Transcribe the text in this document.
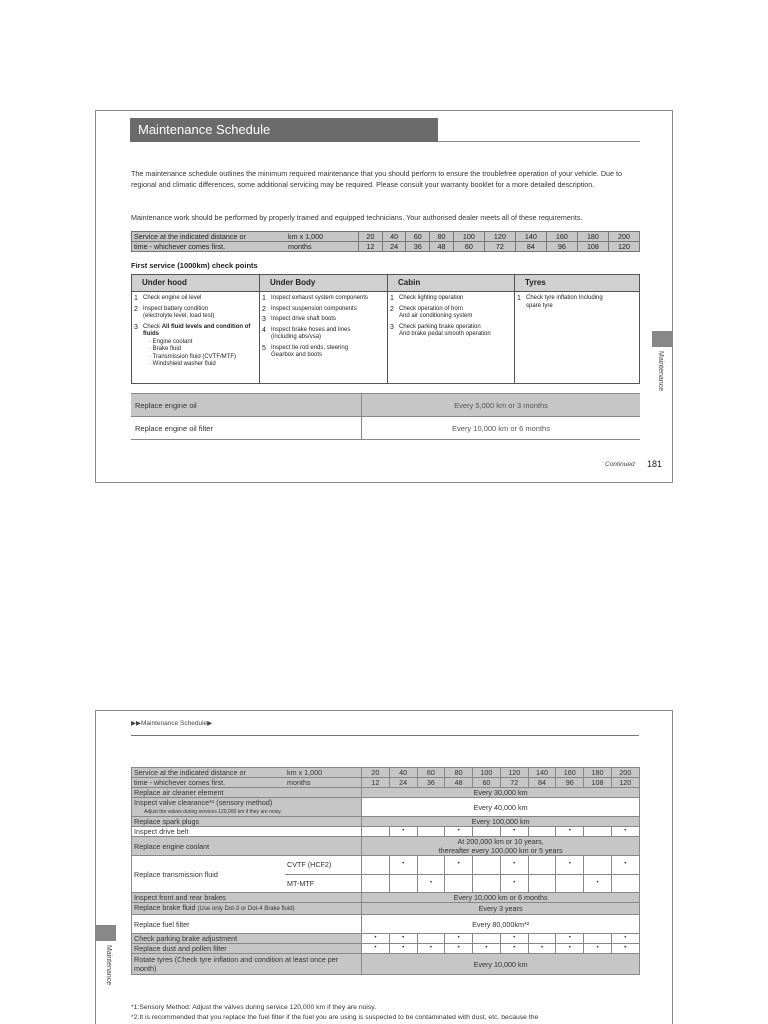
Maintenance Schedule
The maintenance schedule outlines the minimum required maintenance that you should perform to ensure the troublefree operation of your vehicle. Due to regional and climatic differences, some additional servicing may be required. Please consult your warranty booklet for a more detailed description.
Maintenance work should be performed by properly trained and equipped technicians. Your authorised dealer meets all of these requirements.
Service at the indicated distance or	km x 1,000	20	40	60	80	100	120	140	160	180	200
time - whichever comes first.	months	12	24	36	48	60	72	84	96	108	120
First service (1000km) check points
Under hood
1 Check engine oil level
2 Inspect battery condition
(electrolyte level, load test)
3 Check All fluid levels and condition of fluids
· Engine coolant
· Brake fluid
· Transmission fluid (CVTF/MTF)
· Windshield washer fluid
Under Body
1 Inspect exhaust system components
2 Inspect suspension components
3 Inspect drive shaft boots
4 Inspect brake hoses and lines
(including abs/vsa)
5 Inspect tie rod ends, steering
Gearbox and boots
Cabin
1 Check lighting operation
2 Check operation of horn
And air conditioning system
3 Check parking brake operation
And brake pedal smooth operation
Tyres
1 Check tyre inflation Including
spare tyre
Replace engine oil	Every 5,000 km or 3 months
Replace engine oil filter	Every 10,000 km or 6 months
Maintenance
Continued 181
▶▶Maintenance Schedule▶
Maintenance
Service at the indicated distance or	km x 1,000	20	40	60	80	100	120	140	160	180	200
time - whichever comes first.	months	12	24	36	48	60	72	84	96	108	120
Replace air cleaner element		Every 30,000 km									
Inspect valve clearance*¹ (sensory method)
Adjust the valves during services 120,000 km if they are noisy.		Every 40,000 km									
Replace spark plugs		Every 100,000 km									
Inspect drive belt			•		•		•		•		•
Replace engine coolant		At 200,000 km or 10 years,
thereafter every 100,000 km or 5 years									
Replace transmission fluid	CVTF (HCF2)		•		•		•		•		•
	MT-MTF			•			•			•	
Inspect front and rear brakes		Every 10,000 km or 6 months									
Replace brake fluid (Use only Dot-3 or Dot-4 Brake fluid)		Every 3 years									
Replace fuel filter		Every 80,000km*²									
Check parking brake adjustment		•	•		•		•		•		•
Replace dust and pollen filter		•	•	•	•	•	•	•	•	•	•
Rotate tyres (Check tyre inflation and condition at least once per month)		Every 10,000 km									
*1:Sensory Method: Adjust the valves during service 120,000 km if they are noisy.
*2:It is recommended that you replace the fuel filter if the fuel you are using is suspected to be contaminated with dust, etc. because the
